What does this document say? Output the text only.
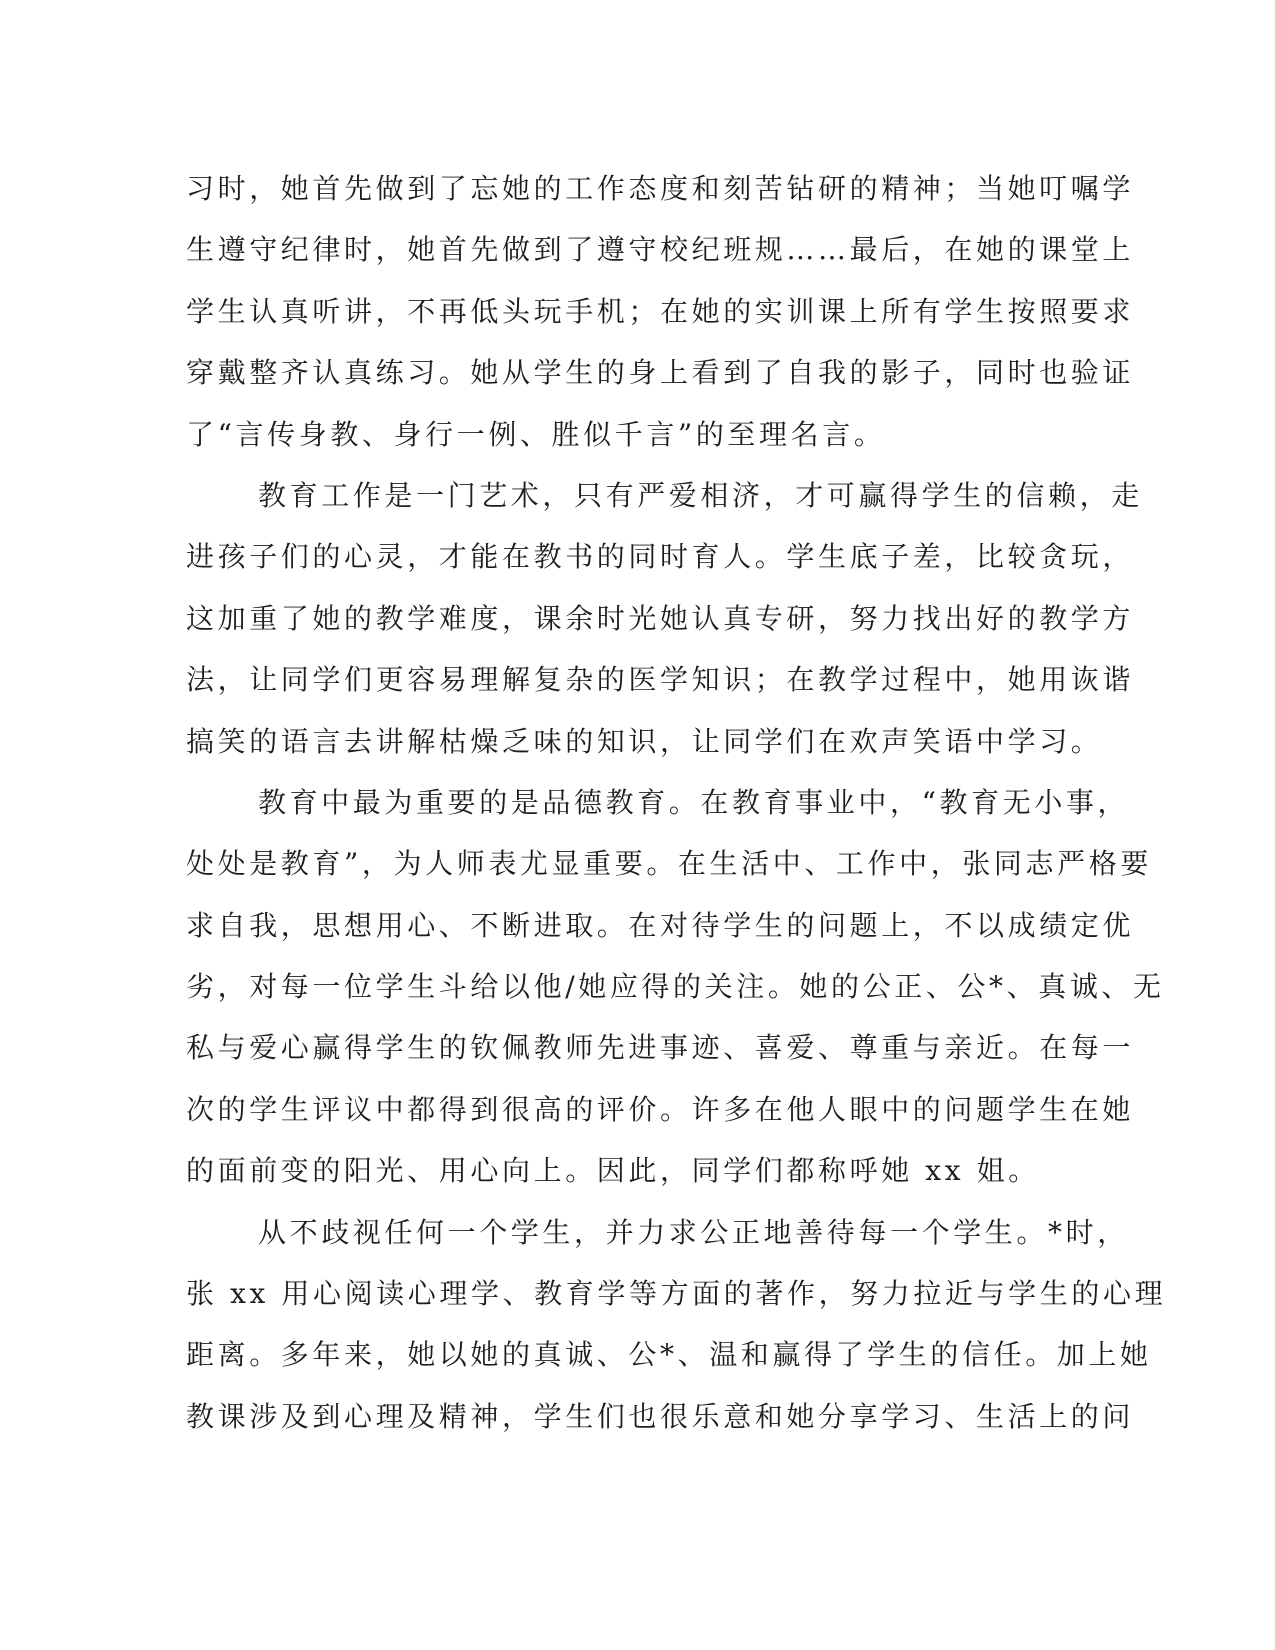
习时，她首先做到了忘她的工作态度和刻苦钻研的精神；当她叮嘱学
生遵守纪律时，她首先做到了遵守校纪班规……最后，在她的课堂上
学生认真听讲，不再低头玩手机；在她的实训课上所有学生按照要求
穿戴整齐认真练习。她从学生的身上看到了自我的影子，同时也验证
了“言传身教、身行一例、胜似千言”的至理名言。
教育工作是一门艺术，只有严爱相济，才可赢得学生的信赖，走
进孩子们的心灵，才能在教书的同时育人。学生底子差，比较贪玩，
这加重了她的教学难度，课余时光她认真专研，努力找出好的教学方
法，让同学们更容易理解复杂的医学知识；在教学过程中，她用诙谐
搞笑的语言去讲解枯燥乏味的知识，让同学们在欢声笑语中学习。
教育中最为重要的是品德教育。在教育事业中，“教育无小事，
处处是教育”，为人师表尤显重要。在生活中、工作中，张同志严格要
求自我，思想用心、不断进取。在对待学生的问题上，不以成绩定优
劣，对每一位学生斗给以他/她应得的关注。她的公正、公*、真诚、无
私与爱心赢得学生的钦佩教师先进事迹、喜爱、尊重与亲近。在每一
次的学生评议中都得到很高的评价。许多在他人眼中的问题学生在她
的面前变的阳光、用心向上。因此，同学们都称呼她 xx 姐。
从不歧视任何一个学生，并力求公正地善待每一个学生。*时，
张 xx 用心阅读心理学、教育学等方面的著作，努力拉近与学生的心理
距离。多年来，她以她的真诚、公*、温和赢得了学生的信任。加上她
教课涉及到心理及精神，学生们也很乐意和她分享学习、生活上的问
